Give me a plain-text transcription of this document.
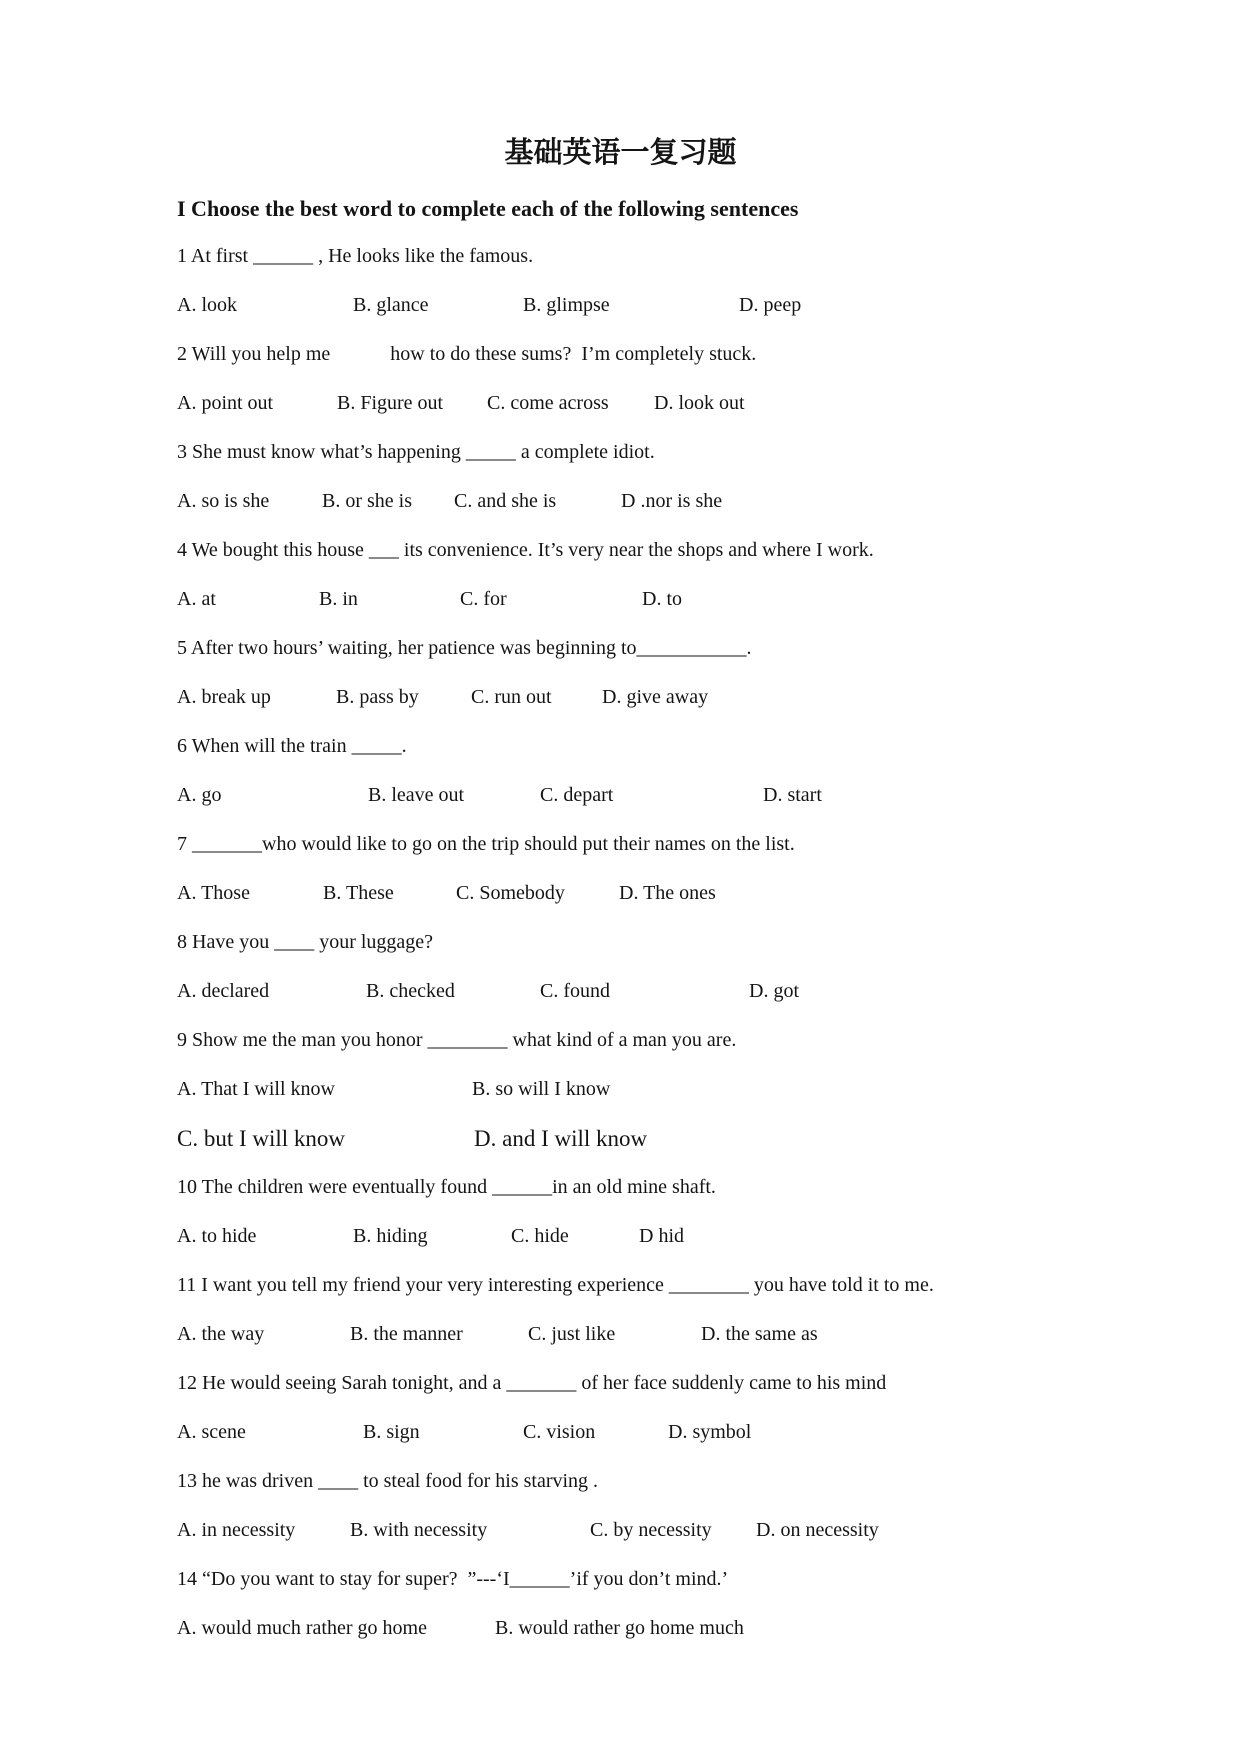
基础英语一复习题
I Choose the best word to complete each of the following sentences

1 At first ______ , He looks like the famous.

A. look

	B. glance

	B. glimpse

	D. peep

2 Will you help me            how to do these sums?  I’m completely stuck.

A. point out

	B. Figure out

C. come across

D. look out

3 She must know what’s happening _____ a complete idiot.

A. so is she

	B. or she is

C. and she is

	D .nor is she

4 We bought this house ___ its convenience. It’s very near the shops and where I work.

A. at

	B. in

	C. for

	D. to

5 After two hours’ waiting, her patience was beginning to___________.

A. break up

	B. pass by

	C. run out

	D. give away

6 When will the train _____.

A. go

	B. leave out

	C. depart

	D. start

7 _______who would like to go on the trip should put their names on the list.

A. Those

	B. These

	C. Somebody

	D. The ones

8 Have you ____ your luggage?

A. declared

	B. checked

	C. found

	D. got

9 Show me the man you honor ________ what kind of a man you are.

A. That I will know

	B. so will I know

C. but I will know

	D. and I will know

10 The children were eventually found ______in an old mine shaft.

A. to hide

	B. hiding

	C. hide

	D hid

11 I want you tell my friend your very interesting experience ________ you have told it to me.

A. the way

	B. the manner

	C. just like

	D. the same as

12 He would seeing Sarah tonight, and a _______ of her face suddenly came to his mind

A. scene

	B. sign

	C. vision

	D. symbol

13 he was driven ____ to steal food for his starving .

A. in necessity

	B. with necessity

	C. by necessity

D. on necessity

14 “Do you want to stay for super?  ”---‘I______’if you don’t mind.’

A. would much rather go home

	B. would rather go home much
